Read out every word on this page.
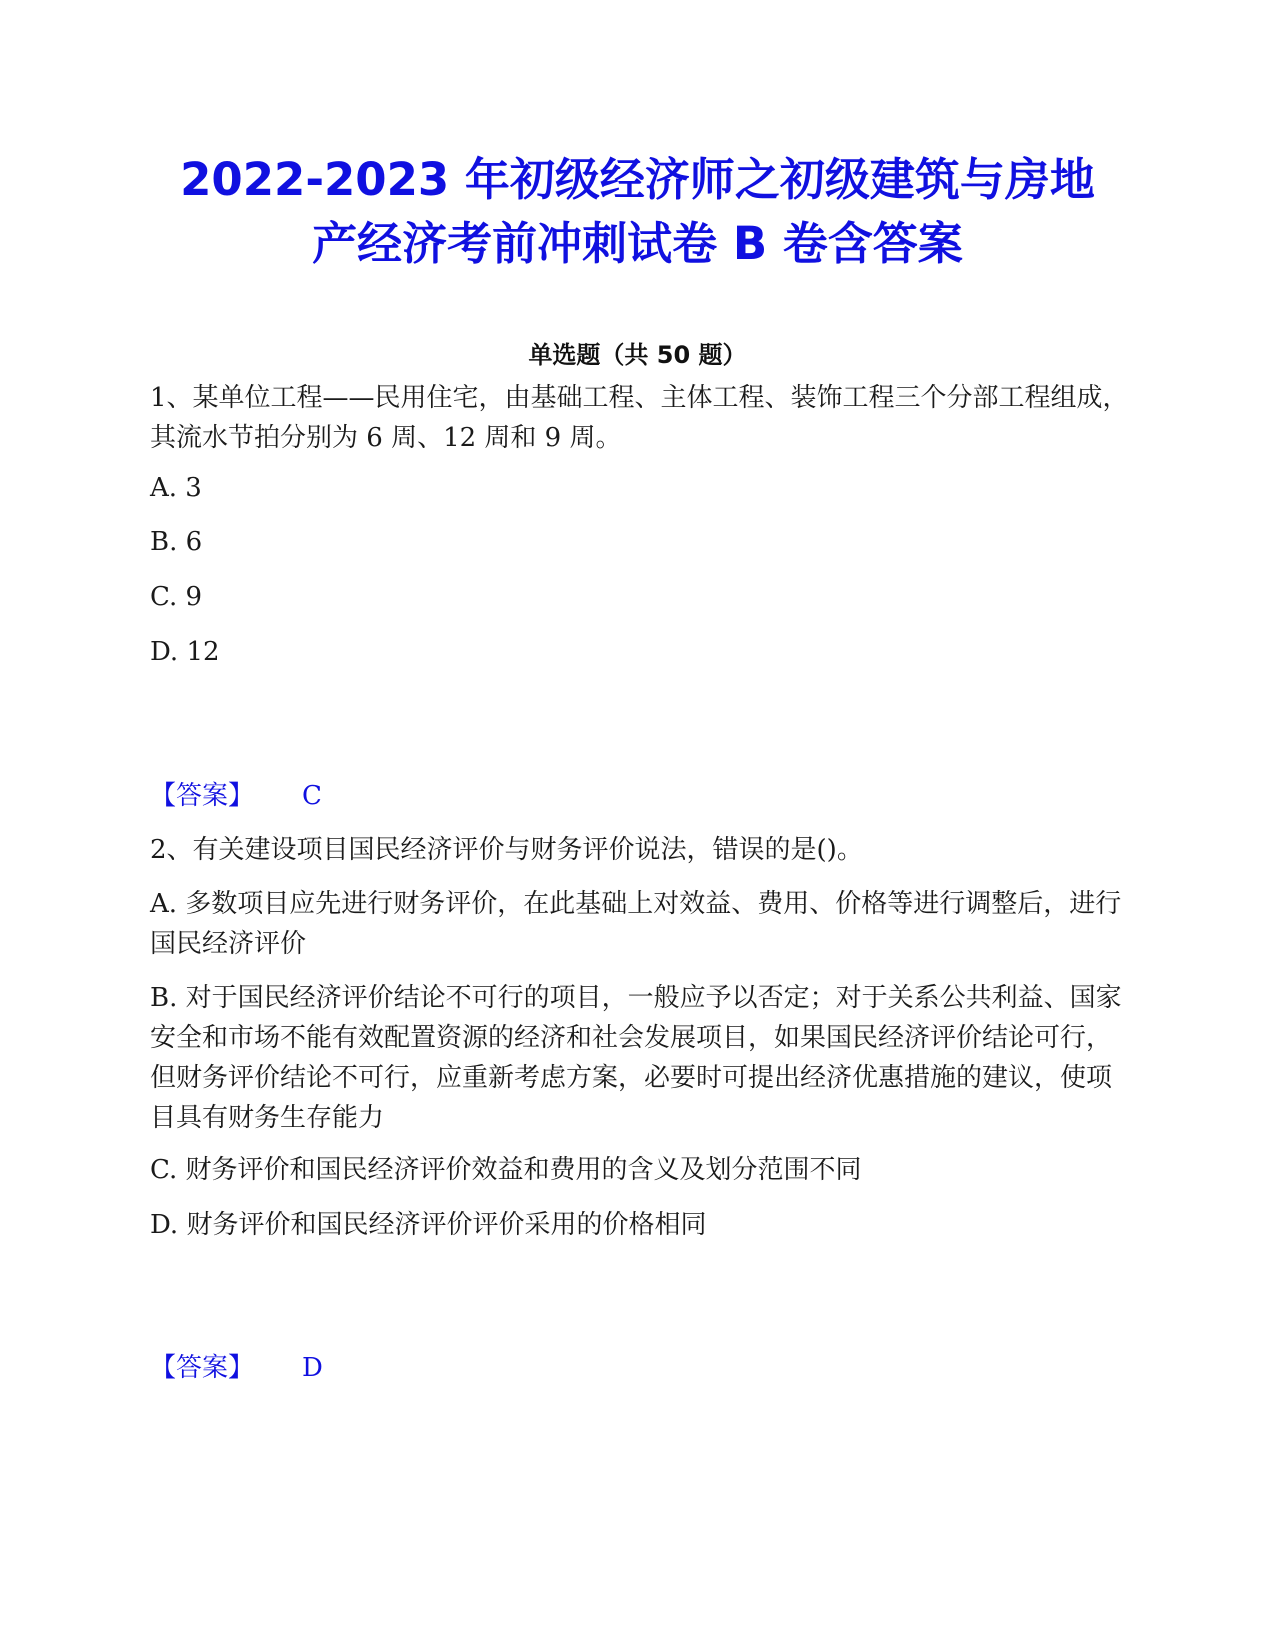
2022-2023 年初级经济师之初级建筑与房地
产经济考前冲刺试卷 B 卷含答案
单选题（共 50 题）

1、某单位工程——民用住宅，由基础工程、主体工程、装饰工程三个分部工程组成，其流水节拍分别为 6 周、12 周和 9 周。

A. 3

B. 6

C. 9

D. 12

【答案】 C

2、有关建设项目国民经济评价与财务评价说法，错误的是()。

A. 多数项目应先进行财务评价，在此基础上对效益、费用、价格等进行调整后，进行国民经济评价

B. 对于国民经济评价结论不可行的项目，一般应予以否定；对于关系公共利益、国家安全和市场不能有效配置资源的经济和社会发展项目，如果国民经济评价结论可行，但财务评价结论不可行，应重新考虑方案，必要时可提出经济优惠措施的建议，使项目具有财务生存能力

C. 财务评价和国民经济评价效益和费用的含义及划分范围不同

D. 财务评价和国民经济评价评价采用的价格相同

【答案】 D
